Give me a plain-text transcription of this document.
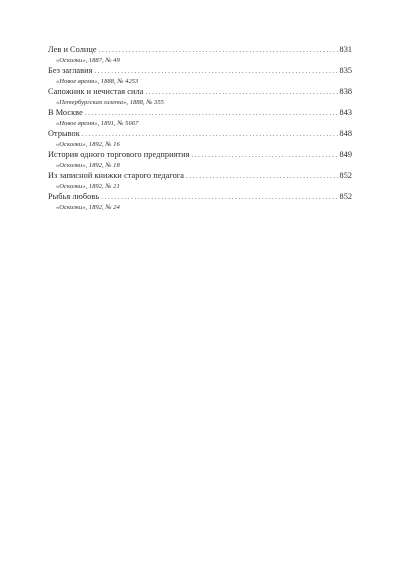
Лев и Солнце .....	831
«Осколки», 1887, № 49
Без заглавия .....	835
«Новое время», 1888, № 4253
Сапожник и нечистая сила .....	838
«Петербургская газета», 1888, № 355
В Москве .....	843
«Новое время», 1891, № 5667
Отрывок .....	848
«Осколки», 1892, № 16
История одного торгового предприятия .....	849
«Осколки», 1892, № 18
Из записной книжки старого педагога .....	852
«Осколки», 1892, № 21
Рыбья любовь .....	852
«Осколки», 1892, № 24
